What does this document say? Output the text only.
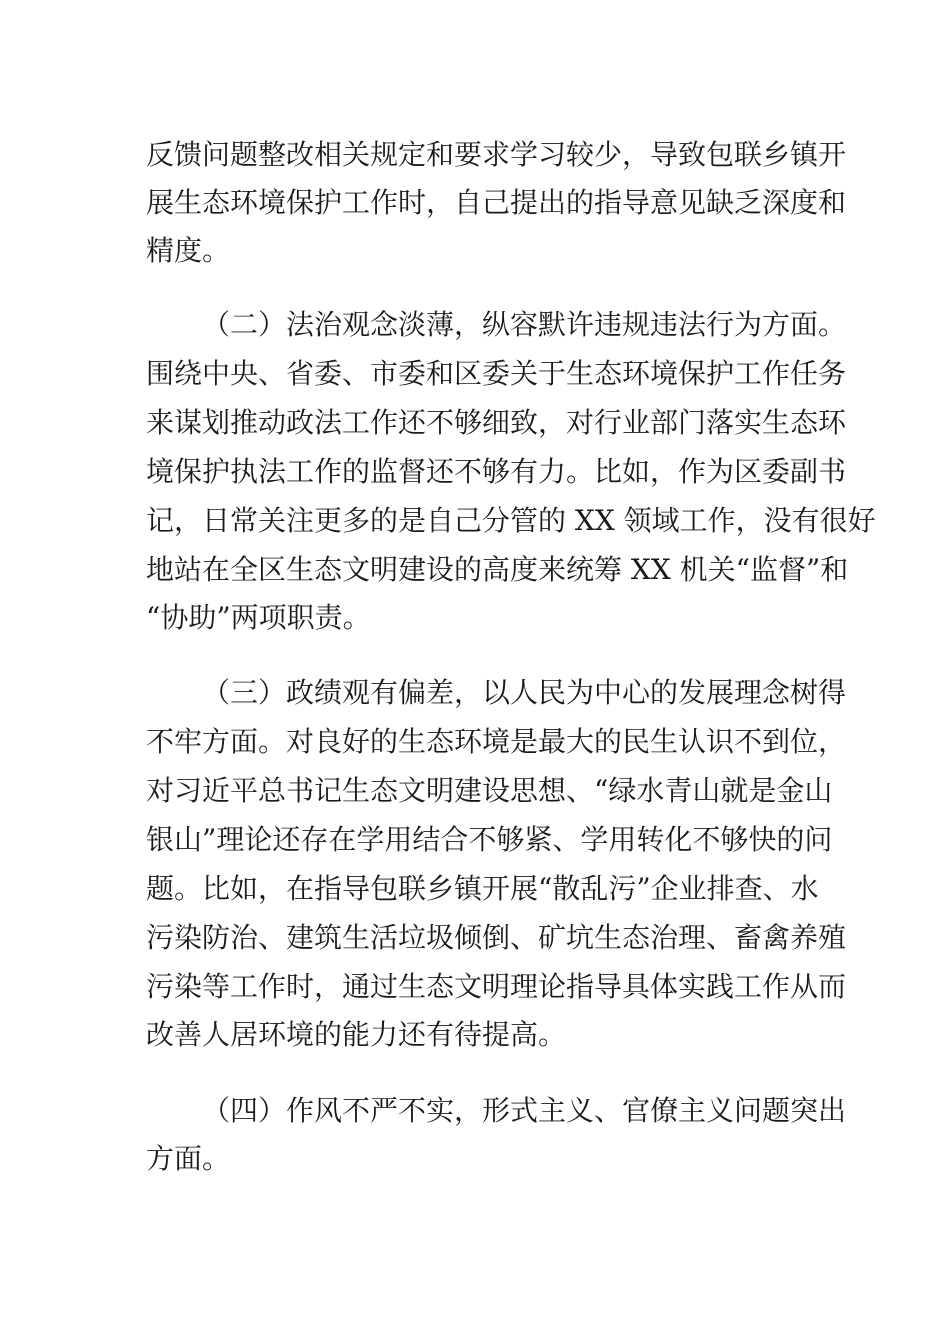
反馈问题整改相关规定和要求学习较少，导致包联乡镇开
展生态环境保护工作时，自己提出的指导意见缺乏深度和
精度。
（二）法治观念淡薄，纵容默许违规违法行为方面。
围绕中央、省委、市委和区委关于生态环境保护工作任务
来谋划推动政法工作还不够细致，对行业部门落实生态环
境保护执法工作的监督还不够有力。比如，作为区委副书
记，日常关注更多的是自己分管的 XX 领域工作，没有很好
地站在全区生态文明建设的高度来统筹 XX 机关“监督”和
“协助”两项职责。
（三）政绩观有偏差，以人民为中心的发展理念树得
不牢方面。对良好的生态环境是最大的民生认识不到位，
对习近平总书记生态文明建设思想、“绿水青山就是金山
银山”理论还存在学用结合不够紧、学用转化不够快的问
题。比如，在指导包联乡镇开展“散乱污”企业排查、水
污染防治、建筑生活垃圾倾倒、矿坑生态治理、畜禽养殖
污染等工作时，通过生态文明理论指导具体实践工作从而
改善人居环境的能力还有待提高。
（四）作风不严不实，形式主义、官僚主义问题突出
方面。
